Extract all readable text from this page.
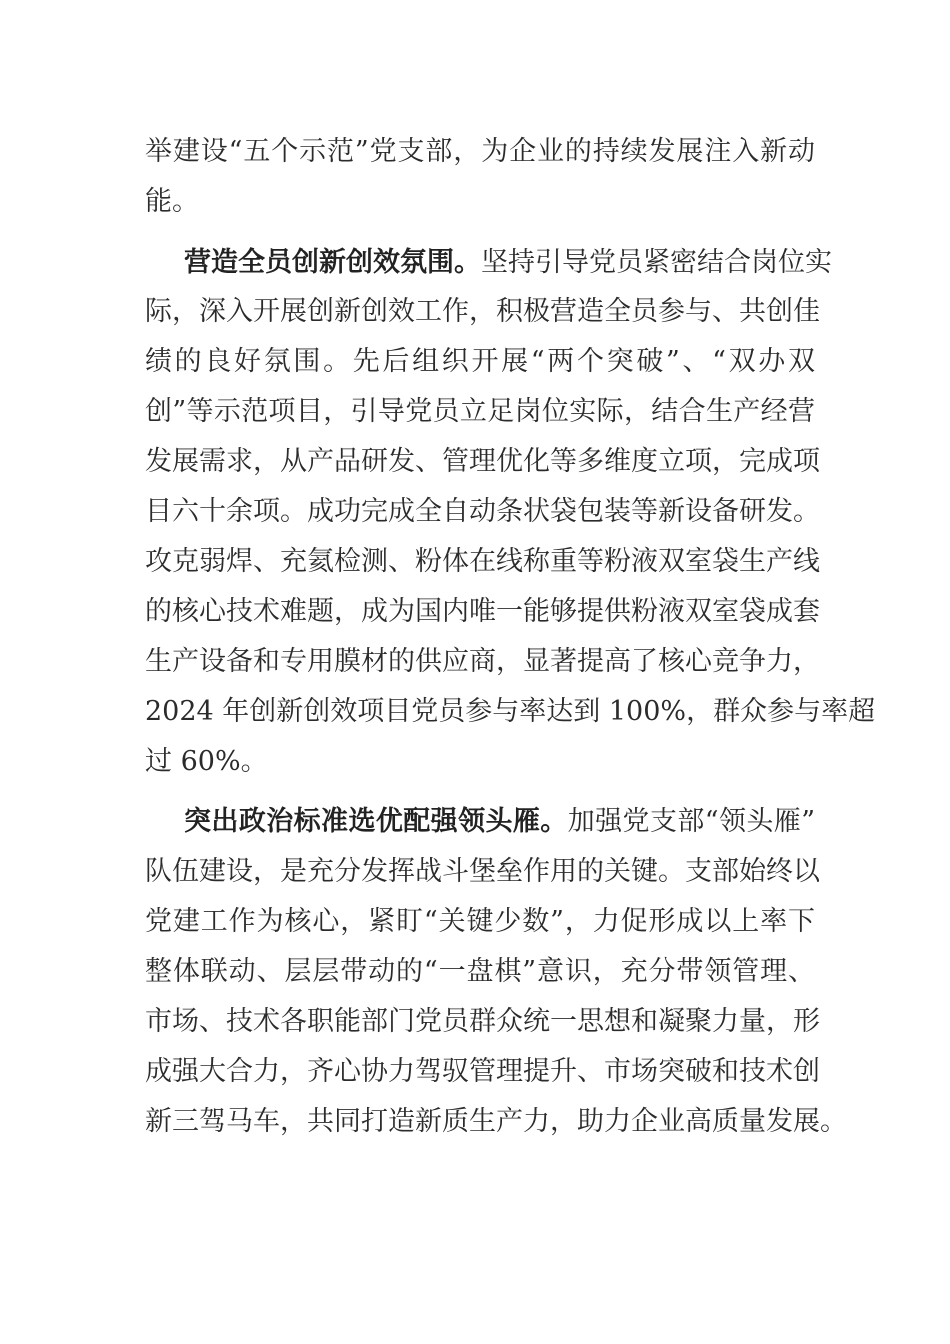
举建设“五个示范”党支部，为企业的持续发展注入新动
能。
营造全员创新创效氛围。坚持引导党员紧密结合岗位实
际，深入开展创新创效工作，积极营造全员参与、共创佳
绩的良好氛围。先后组织开展“两个突破”、“双办双
创”等示范项目，引导党员立足岗位实际，结合生产经营
发展需求，从产品研发、管理优化等多维度立项，完成项
目六十余项。成功完成全自动条状袋包装等新设备研发。
攻克弱焊、充氦检测、粉体在线称重等粉液双室袋生产线
的核心技术难题，成为国内唯一能够提供粉液双室袋成套
生产设备和专用膜材的供应商，显著提高了核心竞争力，
2024 年创新创效项目党员参与率达到 100%，群众参与率超
过 60%。
突出政治标准选优配强领头雁。加强党支部“领头雁”
队伍建设，是充分发挥战斗堡垒作用的关键。支部始终以
党建工作为核心，紧盯“关键少数”，力促形成以上率下
整体联动、层层带动的“一盘棋”意识，充分带领管理、
市场、技术各职能部门党员群众统一思想和凝聚力量，形
成强大合力，齐心协力驾驭管理提升、市场突破和技术创
新三驾马车，共同打造新质生产力，助力企业高质量发展。
